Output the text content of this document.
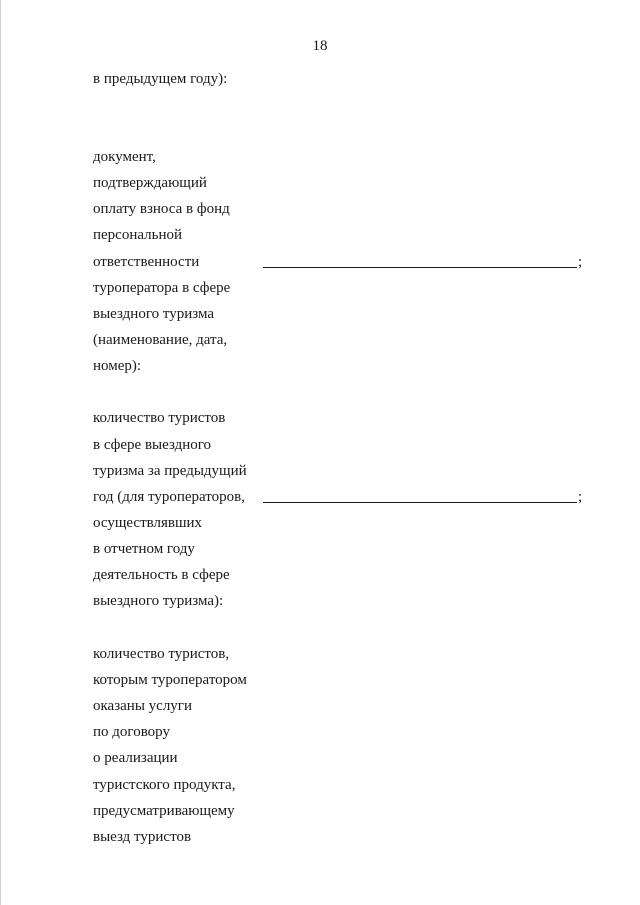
18
в предыдущем году):
документ,
подтверждающий
оплату взноса в фонд
персональной
ответственности
туроператора в сфере
выездного туризма
(наименование, дата,
номер):
;
количество туристов
в сфере выездного
туризма за предыдущий
год (для туроператоров,
осуществлявших
в отчетном году
деятельность в сфере
выездного туризма):
;
количество туристов,
которым туроператором
оказаны услуги
по договору
о реализации
туристского продукта,
предусматривающему
выезд туристов
